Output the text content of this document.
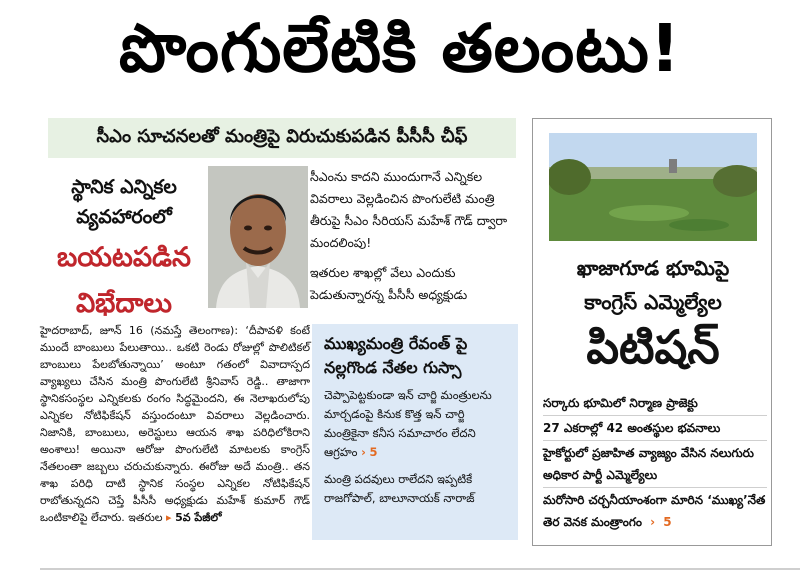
పొంగులేటికి తలంటు!
సీఎం సూచనలతో మంత్రిపై విరుచుకుపడిన పీసీసీ చీఫ్
స్థానిక ఎన్నికల
వ్యవహారంలో
బయటపడిన
విభేదాలు

సీఎంను కాదని ముందుగానే ఎన్నికల వివరాలు వెల్లడించిన పొంగులేటి మంత్రి తీరుపై సీఎం సీరియస్ మహేశ్ గౌడ్ ద్వారా మందలింపు!

ఇతరుల శాఖల్లో వేలు ఎందుకు పెడుతున్నారన్న పీసీసీ అధ్యక్షుడు

హైదరాబాద్, జూన్ 16 (నమస్తే తెలంగాణ): ‘దీపావళి కంటే ముందే బాంబులు పేలుతాయి.. ఒకటి రెండు రోజుల్లో పొలిటికల్ బాంబులు పేలబోతున్నాయి’ అంటూ గతంలో వివాదాస్పద వ్యాఖ్యలు చేసిన మంత్రి పొంగులేటి శ్రీనివాస్ రెడ్డి.. తాజాగా స్థానికసంస్థల ఎన్నికలకు రంగం సిద్ధమైందని, ఈ నెలాఖరులోపు ఎన్నికల నోటిఫికేషన్ వస్తుందంటూ వివరాలు వెల్లడించారు. నిజానికి, బాంబులు, అరెస్టులు ఆయన శాఖ పరిధిలోకిరాని అంశాలు! అయినా ఆరోజు పొంగులేటి మాటలకు కాంగ్రెస్ నేతలంతా జబ్బలు చరుచుకున్నారు. ఈరోజు అదే మంత్రి.. తన శాఖ పరిధి దాటి స్థానిక సంస్థల ఎన్నికల నోటిఫికేషన్ రాబోతున్నదని చెప్తే పీసీసీ అధ్యక్షుడు మహేశ్ కుమార్ గౌడ్ ఒంటికాలిపై లేచారు. ఇతరుల ▸ 5వ పేజీలో
ముఖ్యమంత్రి రేవంత్ పై నల్లగొండ నేతల గుస్సా
చెప్పాపెట్టకుండా ఇన్ చార్జి మంత్రులను మార్చడంపై కినుక కొత్త ఇన్ చార్జి మంత్రికైనా కనీస సమాచారం లేదని ఆగ్రహం › 5
మంత్రి పదవులు రాలేదని ఇప్పటికే రాజగోపాల్, బాలూనాయక్ నారాజ్
ఖాజాగూడ భూమిపై
కాంగ్రెస్ ఎమ్మెల్యేల
పిటిషన్
సర్కారు భూమిలో నిర్మాణ ప్రాజెక్టు
27 ఎకరాల్లో 42 అంతస్థుల భవనాలు
హైకోర్టులో ప్రజాహిత వ్యాజ్యం వేసిన నలుగురు అధికార పార్టీ ఎమ్మెల్యేలు
మరోసారి చర్చనీయాంశంగా మారిన ‘ముఖ్య’నేత తెర వెనక మంత్రాంగం › 5
